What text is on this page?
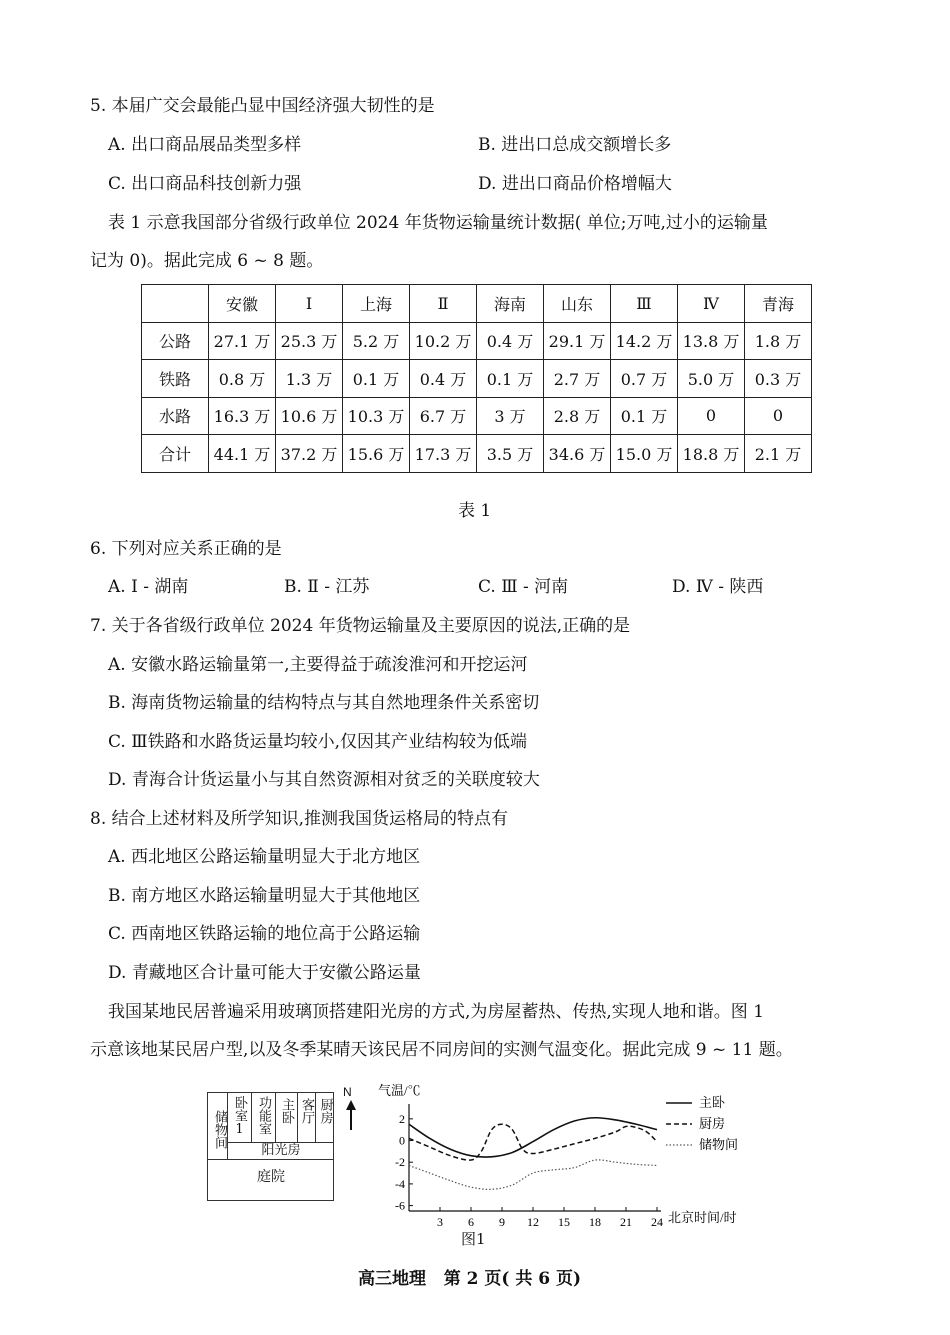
5. 本届广交会最能凸显中国经济强大韧性的是
A. 出口商品展品类型多样	B. 进出口总成交额增长多
C. 出口商品科技创新力强	D. 进出口商品价格增幅大
表 1 示意我国部分省级行政单位 2024 年货物运输量统计数据( 单位;万吨,过小的运输量
记为 0)。据此完成 6 ~ 8 题。
	安徽	Ⅰ	上海	Ⅱ	海南	山东	Ⅲ	Ⅳ	青海
公路	27.1 万	25.3 万	5.2 万	10.2 万	0.4 万	29.1 万	14.2 万	13.8 万	1.8 万
铁路	0.8 万	1.3 万	0.1 万	0.4 万	0.1 万	2.7 万	0.7 万	5.0 万	0.3 万
水路	16.3 万	10.6 万	10.3 万	6.7 万	3 万	2.8 万	0.1 万	0	0
合计	44.1 万	37.2 万	15.6 万	17.3 万	3.5 万	34.6 万	15.0 万	18.8 万	2.1 万
表 1
6. 下列对应关系正确的是
A. Ⅰ - 湖南	B. Ⅱ - 江苏	C. Ⅲ - 河南	D. Ⅳ - 陕西
7. 关于各省级行政单位 2024 年货物运输量及主要原因的说法,正确的是
A. 安徽水路运输量第一,主要得益于疏浚淮河和开挖运河
B. 海南货物运输量的结构特点与其自然地理条件关系密切
C. Ⅲ铁路和水路货运量均较小,仅因其产业结构较为低端
D. 青海合计货运量小与其自然资源相对贫乏的关联度较大
8. 结合上述材料及所学知识,推测我国货运格局的特点有
A. 西北地区公路运输量明显大于北方地区
B. 南方地区水路运输量明显大于其他地区
C. 西南地区铁路运输的地位高于公路运输
D. 青藏地区合计量可能大于安徽公路运量
我国某地民居普遍采用玻璃顶搭建阳光房的方式,为房屋蓄热、传热,实现人地和谐。图 1
示意该地某民居户型,以及冬季某晴天该民居不同房间的实测气温变化。据此完成 9 ~ 11 题。
储物间 卧室1 功能室 主卧 客厅 厨房
阳光房
庭院
N 气温/℃
北京时间/时
2
0
-2
-4
-6
3 6 9 12 15 18 21 24
主卧
厨房
储物间
图1
高三地理   第 2 页( 共 6 页)
